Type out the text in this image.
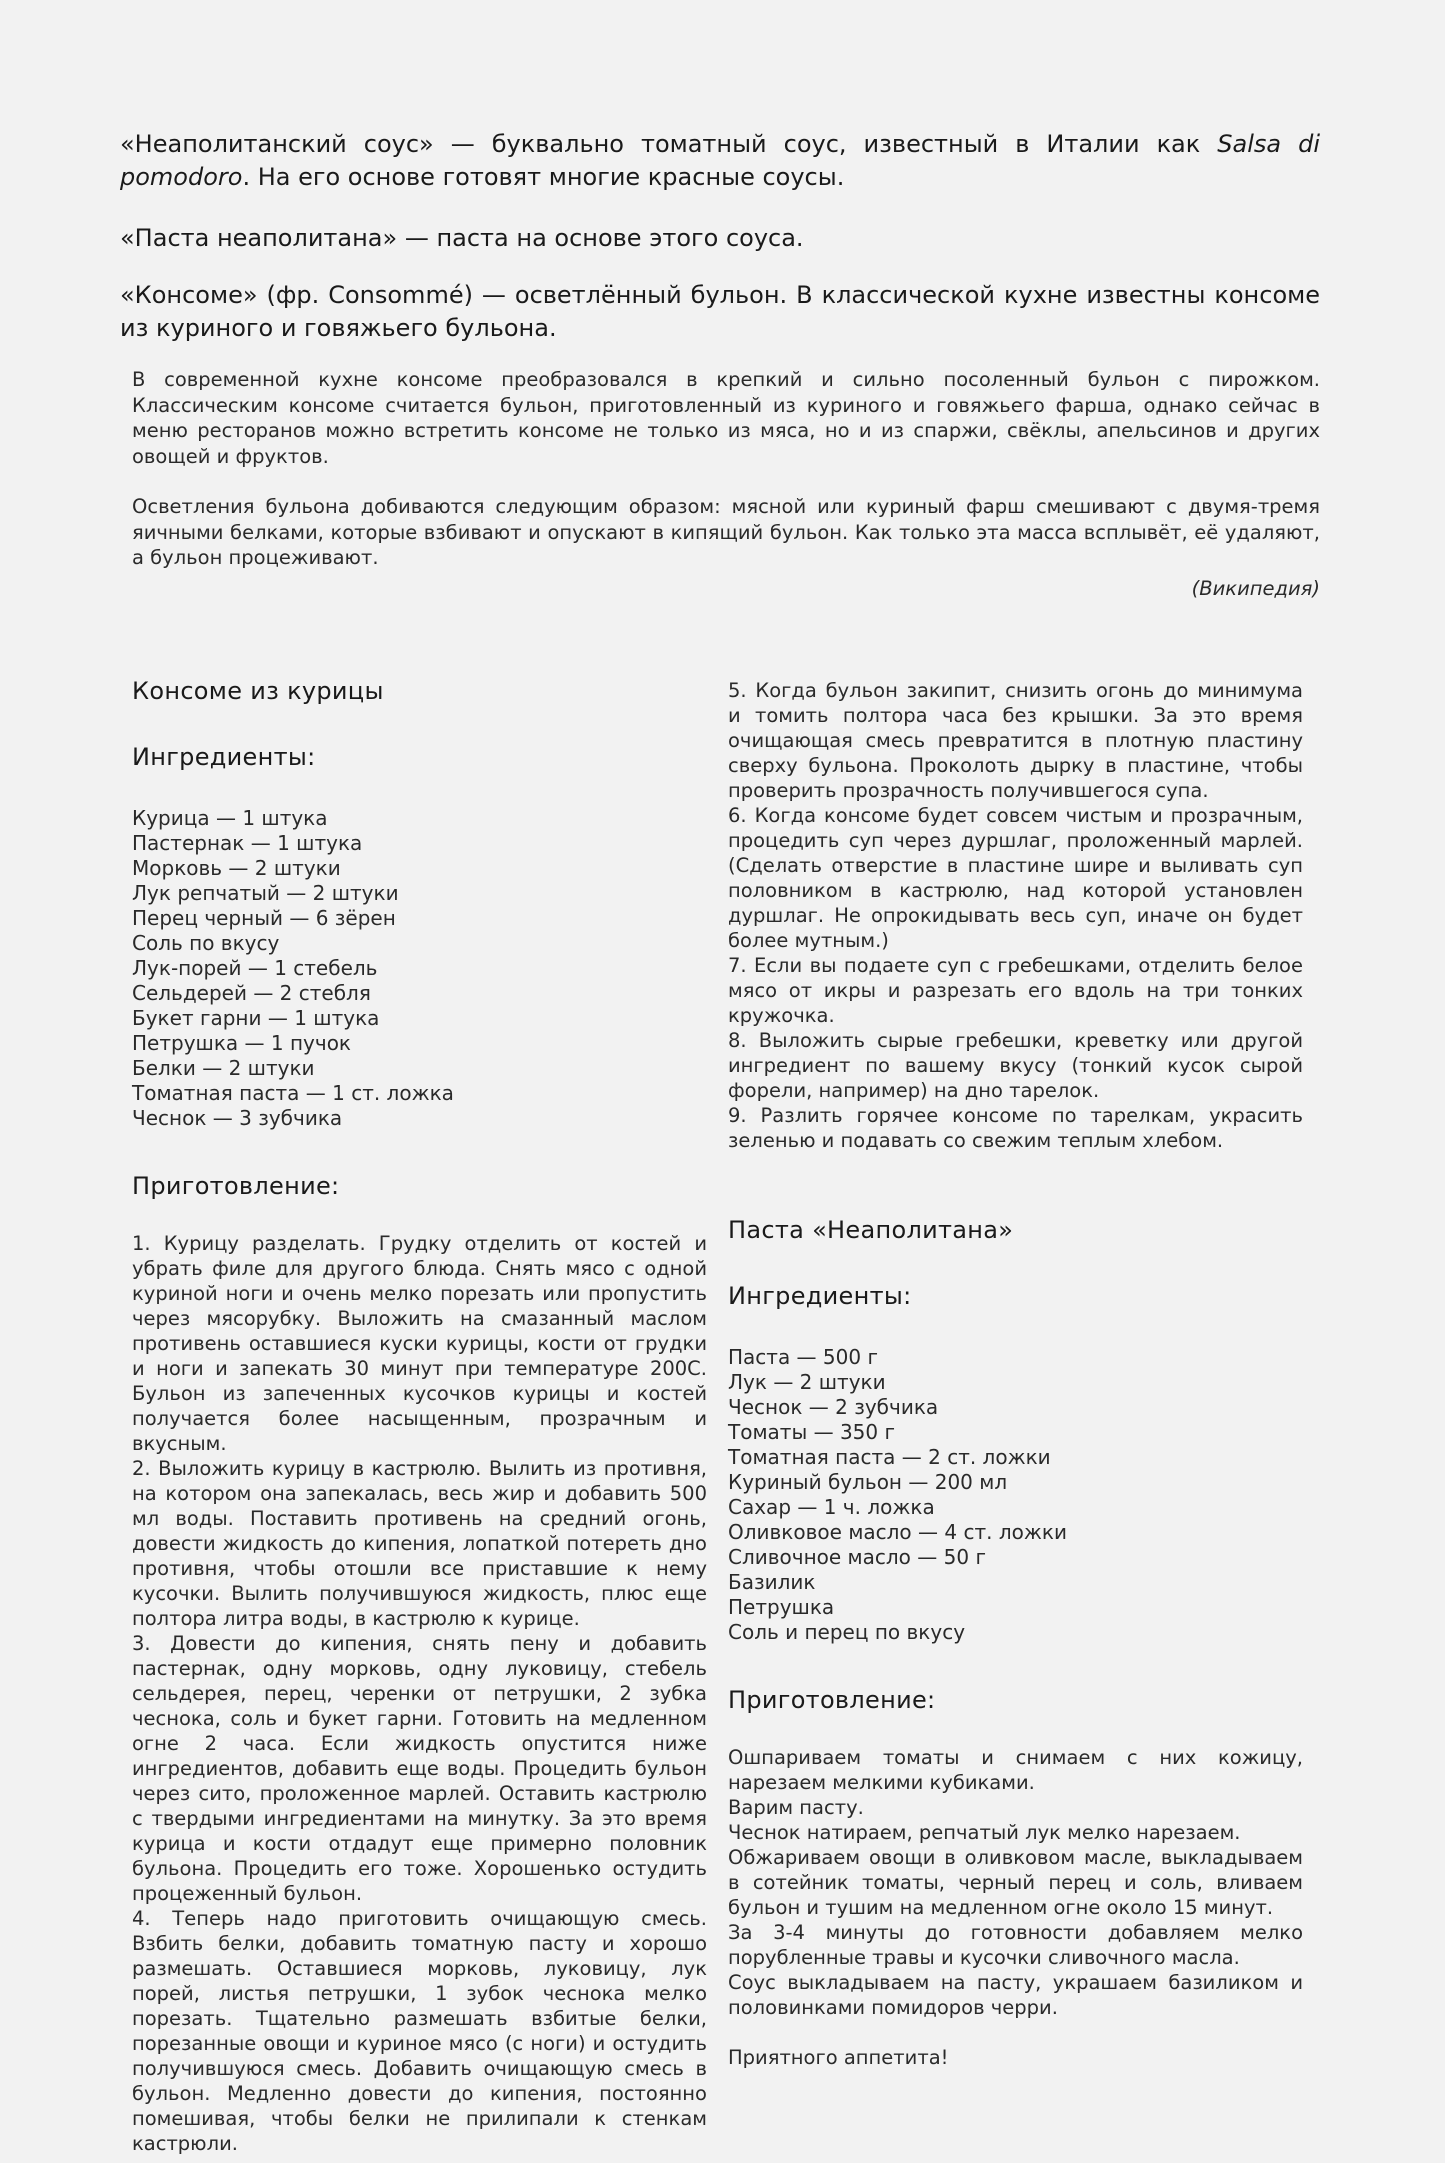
«Неаполитанский соус» — буквально томатный соус, известный в Италии как Salsa di pomodoro. На его основе готовят многие красные соусы.
«Паста неаполитана» — паста на основе этого соуса.
«Консоме» (фр. Consommé) — осветлённый бульон. В классической кухне известны консоме из куриного и говяжьего бульона.

В современной кухне консоме преобразовался в крепкий и сильно посоленный бульон с пирожком. Классическим консоме считается бульон, приготовленный из куриного и говяжьего фарша, однако сейчас в меню ресторанов можно встретить консоме не только из мяса, но и из спаржи, свёклы, апельсинов и других овощей и фруктов.

Осветления бульона добиваются следующим образом: мясной или куриный фарш смешивают с двумя-тремя яичными белками, которые взбивают и опускают в кипящий бульон. Как только эта масса всплывёт, её удаляют, а бульон процеживают.

(Википедия)

Консоме из курицы
Ингредиенты:
Курица — 1 штука
Пастернак — 1 штука
Морковь — 2 штуки
Лук репчатый — 2 штуки
Перец черный — 6 зёрен
Соль по вкусу
Лук-порей — 1 стебель
Сельдерей — 2 стебля
Букет гарни — 1 штука
Петрушка — 1 пучок
Белки — 2 штуки
Томатная паста — 1 ст. ложка
Чеснок — 3 зубчика
Приготовление:

1. Курицу разделать. Грудку отделить от костей и убрать филе для другого блюда. Снять мясо с одной куриной ноги и очень мелко порезать или пропустить через мясорубку. Выложить на смазанный маслом противень оставшиеся куски курицы, кости от грудки и ноги и запекать 30 минут при температуре 200С. Бульон из запеченных кусочков курицы и костей получается более насыщенным, прозрачным и вкусным.

2. Выложить курицу в кастрюлю. Вылить из противня, на котором она запекалась, весь жир и добавить 500 мл воды. Поставить противень на средний огонь, довести жидкость до кипения, лопаткой потереть дно противня, чтобы отошли все приставшие к нему кусочки. Вылить получившуюся жидкость, плюс еще полтора литра воды, в кастрюлю к курице.

3. Довести до кипения, снять пену и добавить пастернак, одну морковь, одну луковицу, стебель сельдерея, перец, черенки от петрушки, 2 зубка чеснока, соль и букет гарни. Готовить на медленном огне 2 часа. Если жидкость опустится ниже ингредиентов, добавить еще воды. Процедить бульон через сито, проложенное марлей. Оставить кастрюлю с твердыми ингредиентами на минутку. За это время курица и кости отдадут еще примерно половник бульона. Процедить его тоже. Хорошенько остудить процеженный бульон.

4. Теперь надо приготовить очищающую смесь. Взбить белки, добавить томатную пасту и хорошо размешать. Оставшиеся морковь, луковицу, лук порей, листья петрушки, 1 зубок чеснока мелко порезать. Тщательно размешать взбитые белки, порезанные овощи и куриное мясо (с ноги) и остудить получившуюся смесь. Добавить очищающую смесь в бульон. Медленно довести до кипения, постоянно помешивая, чтобы белки не прилипали к стенкам кастрюли.

5. Когда бульон закипит, снизить огонь до минимума и томить полтора часа без крышки. За это время очищающая смесь превратится в плотную пластину сверху бульона. Проколоть дырку в пластине, чтобы проверить прозрачность получившегося супа.

6. Когда консоме будет совсем чистым и прозрачным, процедить суп через дуршлаг, проложенный марлей. (Сделать отверстие в пластине шире и выливать суп половником в кастрюлю, над которой установлен дуршлаг. Не опрокидывать весь суп, иначе он будет более мутным.)

7. Если вы подаете суп с гребешками, отделить белое мясо от икры и разрезать его вдоль на три тонких кружочка.

8. Выложить сырые гребешки, креветку или другой ингредиент по вашему вкусу (тонкий кусок сырой форели, например) на дно тарелок.

9. Разлить горячее консоме по тарелкам, украсить зеленью и подавать со свежим теплым хлебом.

Паста «Неаполитана»
Ингредиенты:
Паста — 500 г
Лук — 2 штуки
Чеснок — 2 зубчика
Томаты — 350 г
Томатная паста — 2 ст. ложки
Куриный бульон — 200 мл
Сахар — 1 ч. ложка
Оливковое масло — 4 ст. ложки
Сливочное масло — 50 г
Базилик
Петрушка
Соль и перец по вкусу
Приготовление:

Ошпариваем томаты и снимаем с них кожицу, нарезаем мелкими кубиками.

Варим пасту.

Чеснок натираем, репчатый лук мелко нарезаем.

Обжариваем овощи в оливковом масле, выкладываем в сотейник томаты, черный перец и соль, вливаем бульон и тушим на медленном огне около 15 минут.

За 3-4 минуты до готовности добавляем мелко порубленные травы и кусочки сливочного масла.

Соус выкладываем на пасту, украшаем базиликом и половинками помидоров черри.

Приятного аппетита!
